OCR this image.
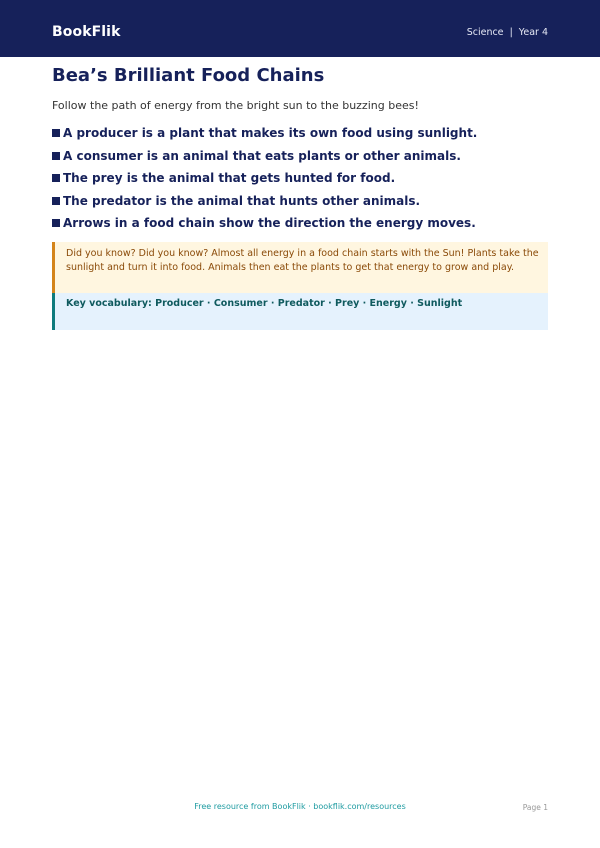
BookFlik	Science  |  Year 4
Bea’s Brilliant Food Chains
Follow the path of energy from the bright sun to the buzzing bees!
A producer is a plant that makes its own food using sunlight.
A consumer is an animal that eats plants or other animals.
The prey is the animal that gets hunted for food.
The predator is the animal that hunts other animals.
Arrows in a food chain show the direction the energy moves.
Did you know? Did you know? Almost all energy in a food chain starts with the Sun! Plants take the sunlight and turn it into food. Animals then eat the plants to get that energy to grow and play.
Key vocabulary: Producer · Consumer · Predator · Prey · Energy · Sunlight
Free resource from BookFlik · bookflik.com/resources	Page 1
